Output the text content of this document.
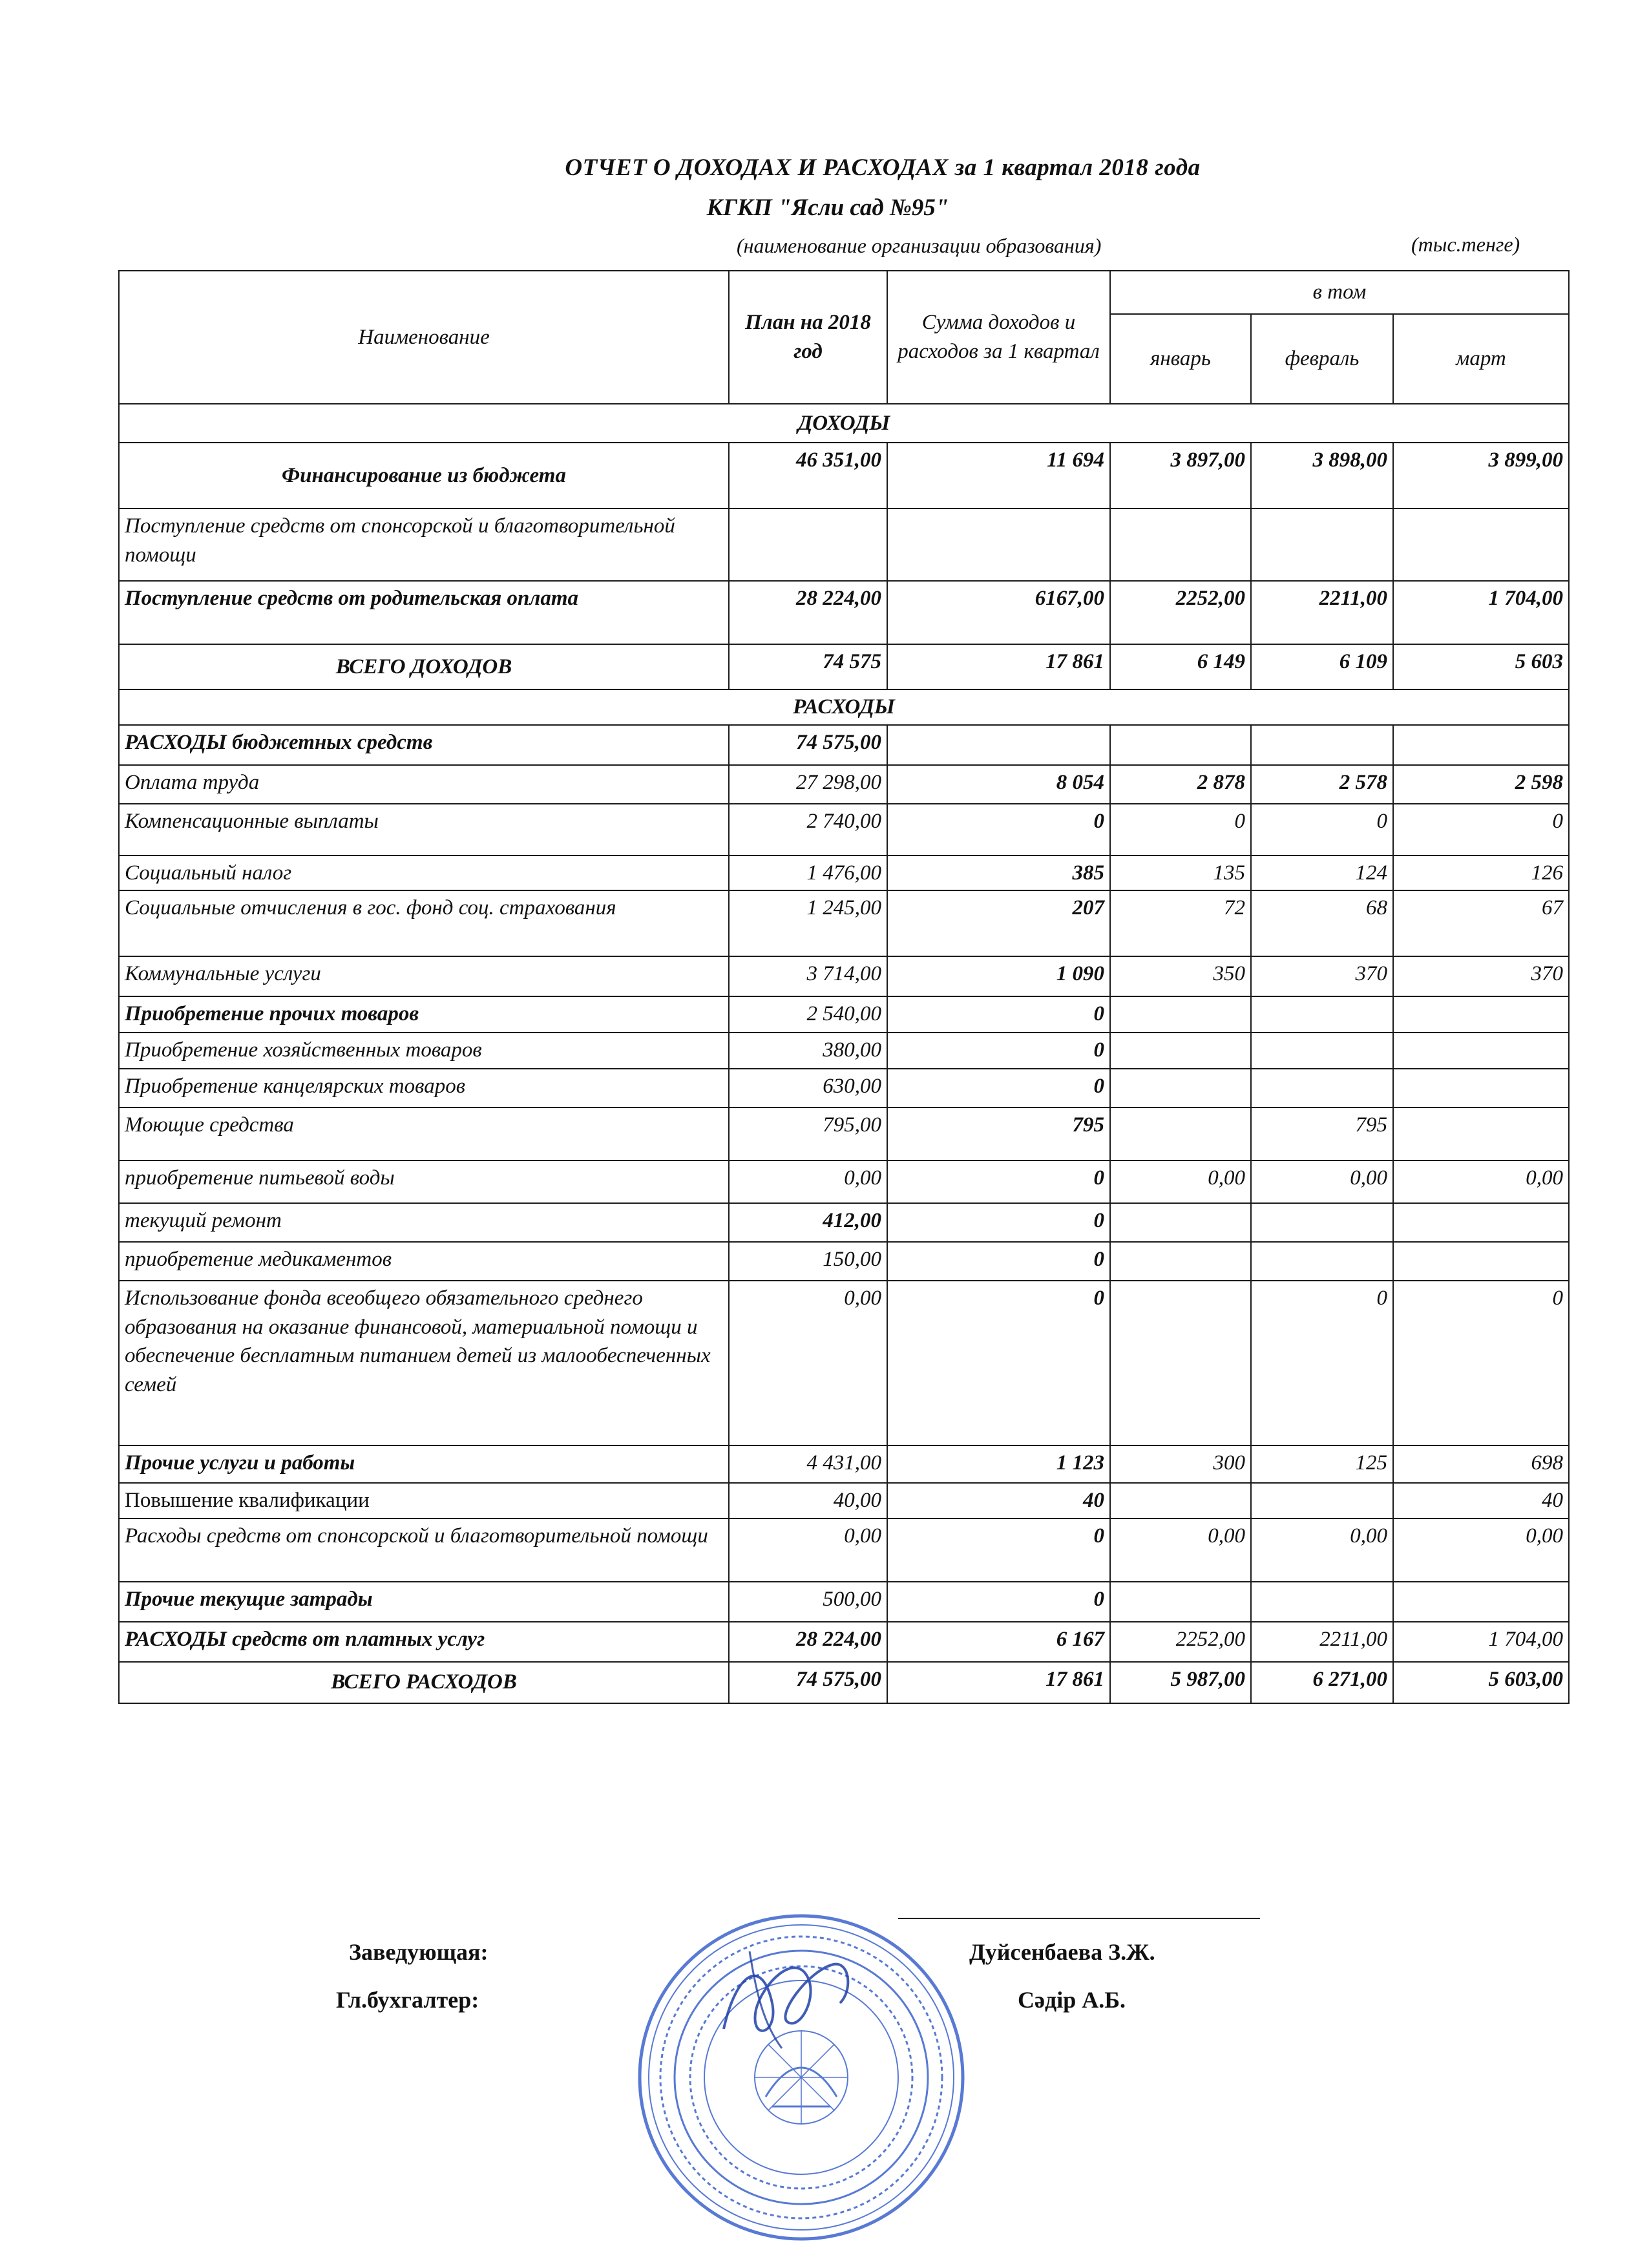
ОТЧЕТ О ДОХОДАХ И РАСХОДАХ за 1 квартал 2018 года
КГКП "Ясли сад №95"
(наименование организации образования)	(тыс.тенге)
Наименование	План на 2018 год	Сумма доходов и расходов за 1 квартал	в том		
			январь	февраль	март
ДОХОДЫ					
Финансирование из бюджета	46 351,00	11 694	3 897,00	3 898,00	3 899,00
Поступление средств от спонсорской и благотворительной помощи					
Поступление средств от родительская оплата	28 224,00	6167,00	2252,00	2211,00	1 704,00
ВСЕГО ДОХОДОВ	74 575	17 861	6 149	6 109	5 603
РАСХОДЫ					
РАСХОДЫ бюджетных средств	74 575,00				
Оплата труда	27 298,00	8 054	2 878	2 578	2 598
Компенсационные выплаты	2 740,00	0	0	0	0
Социальный налог	1 476,00	385	135	124	126
Социальные отчисления в гос. фонд соц. страхования	1 245,00	207	72	68	67
Коммунальные услуги	3 714,00	1 090	350	370	370
Приобретение прочих товаров	2 540,00	0			
Приобретение хозяйственных товаров	380,00	0			
Приобретение канцелярских товаров	630,00	0			
Моющие средства	795,00	795		795	
приобретение питьевой воды	0,00	0	0,00	0,00	0,00
текущий ремонт	412,00	0			
приобретение медикаментов	150,00	0			
Использование фонда всеобщего обязательного среднего образования на оказание финансовой, материальной помощи и обеспечение бесплатным питанием детей из малообеспеченных семей	0,00	0		0	0
Прочие услуги и работы	4 431,00	1 123	300	125	698
Повышение квалификации	40,00	40			40
Расходы средств от спонсорской и благотворительной помощи	0,00	0	0,00	0,00	0,00
Прочие текущие затрады	500,00	0			
РАСХОДЫ средств от платных услуг	28 224,00	6 167	2252,00	2211,00	1 704,00
ВСЕГО РАСХОДОВ	74 575,00	17 861	5 987,00	6 271,00	5 603,00
Заведующая:	Дуйсенбаева З.Ж.
Гл.бухгалтер:	Сәдір А.Б.
